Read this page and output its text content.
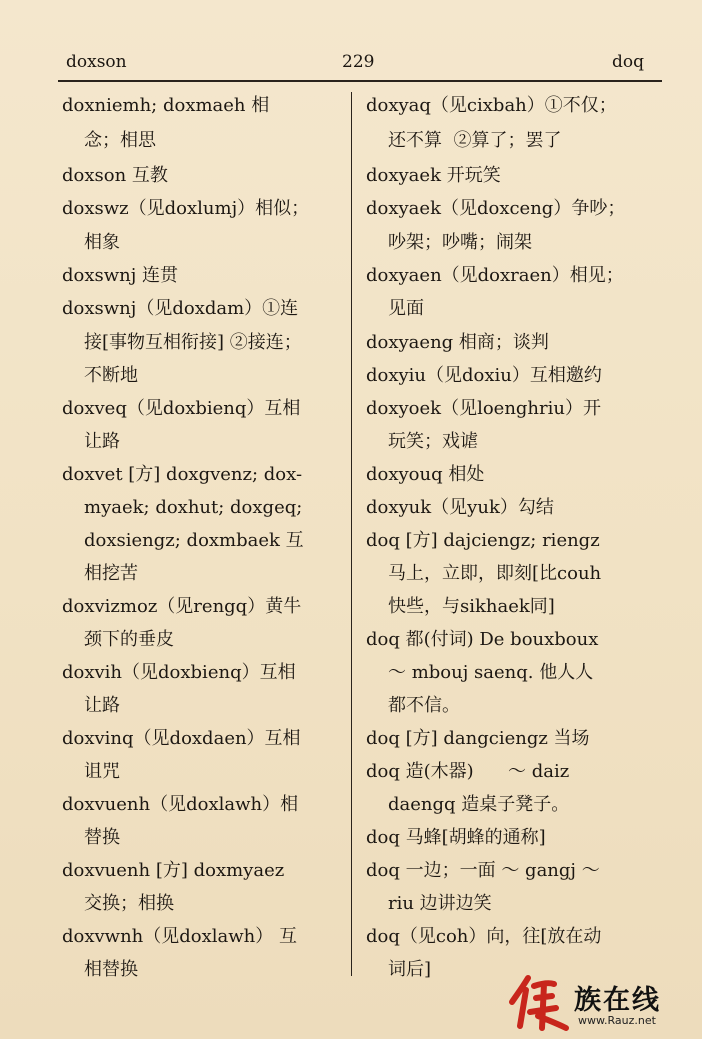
doxson	229	doq
doxniemh; doxmaeh 相
念；相思
doxson 互教
doxswz（见doxlumj）相似；
相象
doxswnj 连贯
doxswnj（见doxdam）①连
接[事物互相衔接] ②接连；
不断地
doxveq（见doxbienq）互相
让路
doxvet [方] doxgvenz; dox-
myaek; doxhut; doxgeq;
doxsiengz; doxmbaek 互
相挖苦
doxvizmoz（见rengq）黄牛
颈下的垂皮
doxvih（见doxbienq）互相
让路
doxvinq（见doxdaen）互相
诅咒
doxvuenh（见doxlawh）相
替换
doxvuenh [方] doxmyaez
交换；相换
doxvwnh（见doxlawh） 互
相替换
doxyaq（见cixbah）①不仅；
还不算  ②算了；罢了
doxyaek 开玩笑
doxyaek（见doxceng）争吵；
吵架；吵嘴；闹架
doxyaen（见doxraen）相见；
见面
doxyaeng 相商；谈判
doxyiu（见doxiu）互相邀约
doxyoek（见loenghriu）开
玩笑；戏谑
doxyouq 相处
doxyuk（见yuk）勾结
doq [方] dajciengz; riengz
马上，立即，即刻[比couh
快些，与sikhaek同]
doq 都(付词) De bouxboux
～ mbouj saenq. 他人人
都不信。
doq [方] dangciengz 当场
doq 造(木器)      ～ daiz
daengq 造桌子凳子。
doq 马蜂[胡蜂的通称]
doq 一边；一面 ～ gangj ～
riu 边讲边笑
doq（见coh）向，往[放在动
词后]
族在线
www.Rauz.net
